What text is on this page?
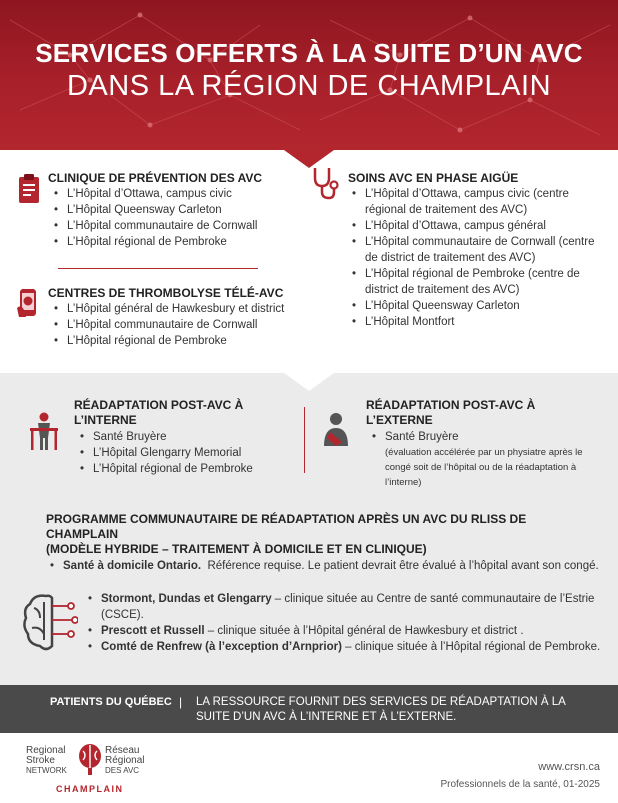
SERVICES OFFERTS À LA SUITE D’UN AVC
DANS LA RÉGION DE CHAMPLAIN
CLINIQUE DE PRÉVENTION DES AVC
• L’Hôpital d’Ottawa, campus civic
• L’Hôpital Queensway Carleton
• L’Hôpital communautaire de Cornwall
• L’Hôpital régional de Pembroke
CENTRES DE THROMBOLYSE TÉLÉ-AVC
• L’Hôpital général de Hawkesbury et district
• L’Hôpital communautaire de Cornwall
• L’Hôpital régional de Pembroke
SOINS AVC EN PHASE AIGÜE
• L’Hôpital d’Ottawa, campus civic (centre régional de traitement des AVC)
• L’Hôpital d’Ottawa, campus général
• L’Hôpital communautaire de Cornwall (centre de district de traitement des AVC)
• L’Hôpital régional de Pembroke (centre de district de traitement des AVC)
• L’Hôpital Queensway Carleton
• L’Hôpital Montfort
RÉADAPTATION POST-AVC À L’INTERNE
• Santé Bruyère
• L’Hôpital Glengarry Memorial
• L’Hôpital régional de Pembroke
RÉADAPTATION POST-AVC À L’EXTERNE
• Santé Bruyère
(évaluation accélérée par un physiatre après le congé soit de l’hôpital ou de la réadaptation à l’interne)
PROGRAMME COMMUNAUTAIRE DE RÉADAPTATION APRÈS UN AVC DU RLISS DE CHAMPLAIN
(MODÈLE HYBRIDE – TRAITEMENT À DOMICILE ET EN CLINIQUE)
• Santé à domicile Ontario. Référence requise. Le patient devrait être évalué à l’hôpital avant son congé.
• Stormont, Dundas et Glengarry – clinique située au Centre de santé communautaire de l’Estrie (CSCE).
• Prescott et Russell – clinique située à l’Hôpital général de Hawkesbury et district .
• Comté de Renfrew (à l’exception d’Arnprior) – clinique située à l’Hôpital régional de Pembroke.
PATIENTS DU QUÉBEC | LA RESSOURCE FOURNIT DES SERVICES DE RÉADAPTATION À LA SUITE D’UN AVC À L’INTERNE ET À L’EXTERNE.
Regional
Stroke
NETWORK
Réseau
Régional
DES AVC
CHAMPLAIN
www.crsn.ca
Professionnels de la santé, 01-2025
